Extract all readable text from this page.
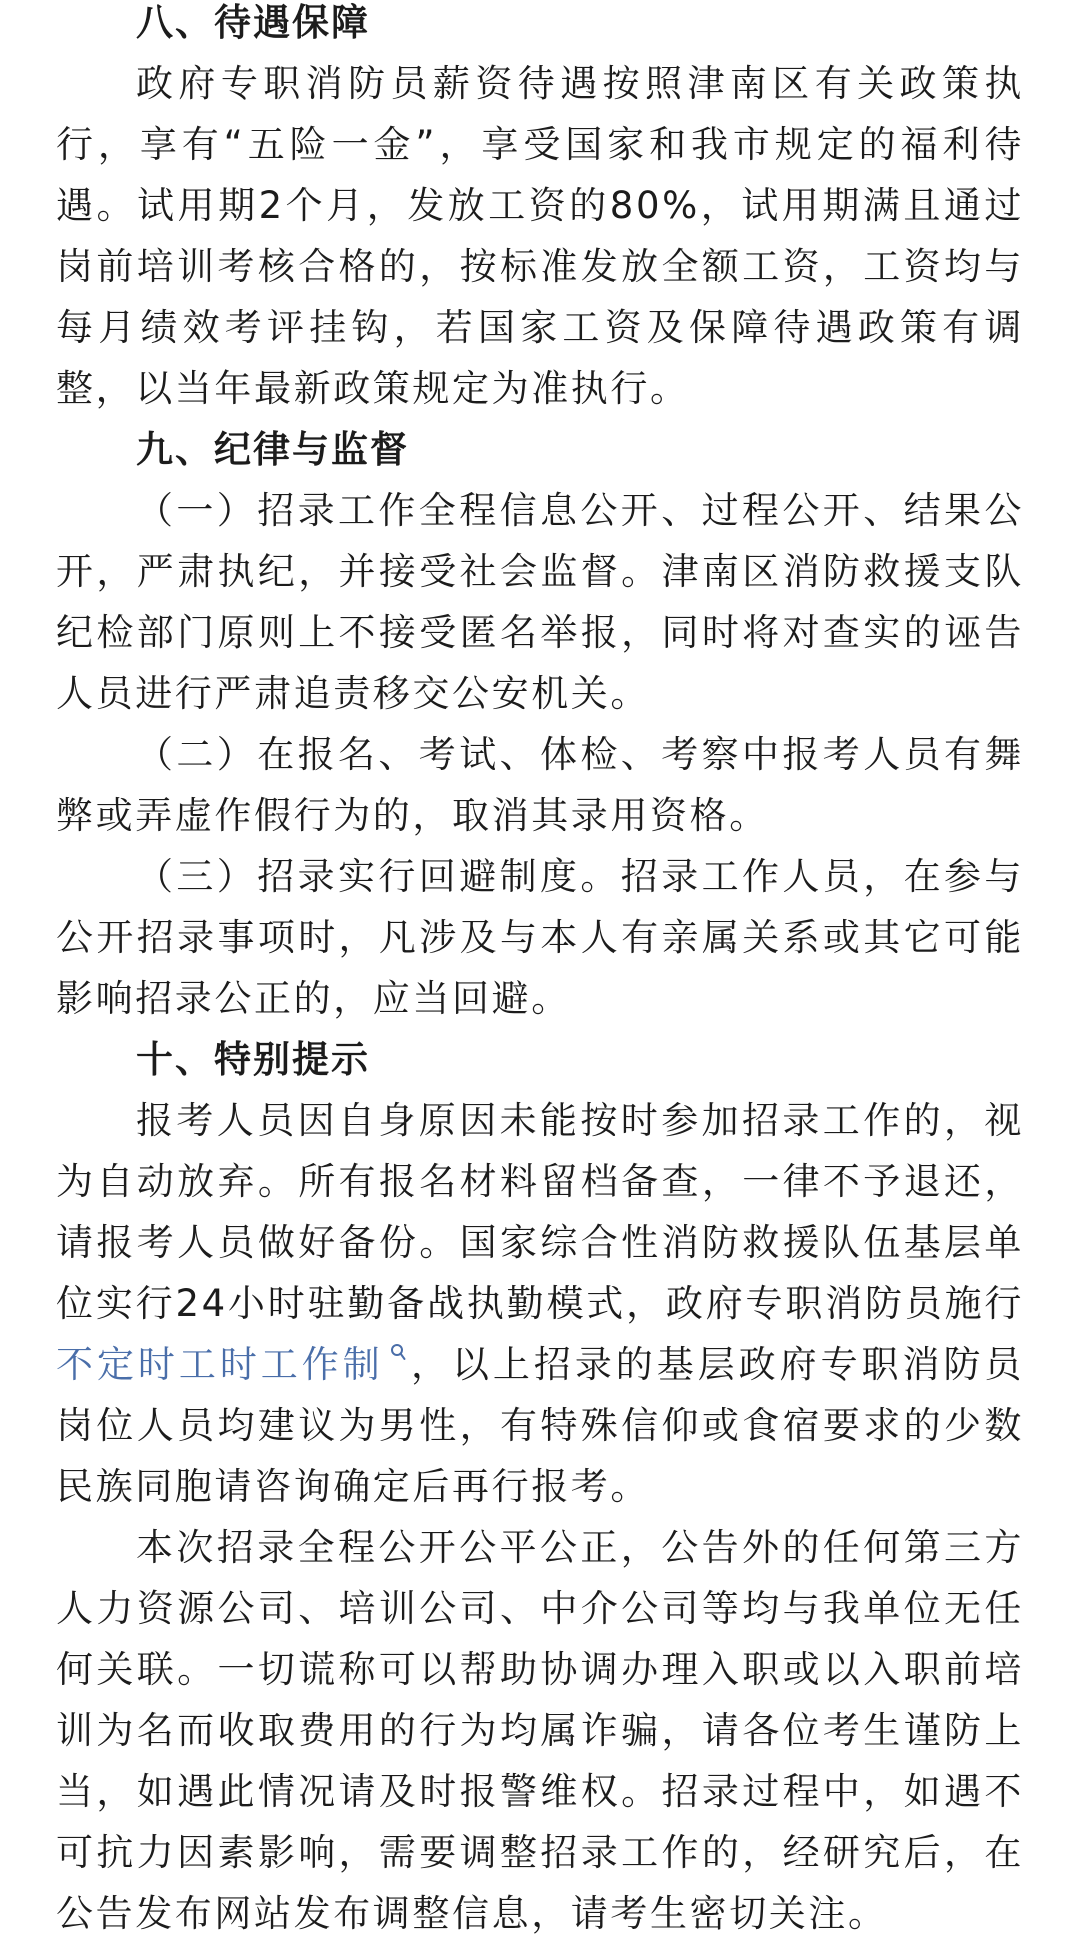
八、待遇保障

政府专职消防员薪资待遇按照津南区有关政策执行，享有“五险一金”，享受国家和我市规定的福利待遇。试用期2个月，发放工资的80%，试用期满且通过岗前培训考核合格的，按标准发放全额工资，工资均与每月绩效考评挂钩，若国家工资及保障待遇政策有调整，以当年最新政策规定为准执行。

九、纪律与监督

（一）招录工作全程信息公开、过程公开、结果公开，严肃执纪，并接受社会监督。津南区消防救援支队纪检部门原则上不接受匿名举报，同时将对查实的诬告人员进行严肃追责移交公安机关。

（二）在报名、考试、体检、考察中报考人员有舞弊或弄虚作假行为的，取消其录用资格。

（三）招录实行回避制度。招录工作人员，在参与公开招录事项时，凡涉及与本人有亲属关系或其它可能影响招录公正的，应当回避。

十、特别提示

报考人员因自身原因未能按时参加招录工作的，视为自动放弃。所有报名材料留档备查，一律不予退还，请报考人员做好备份。国家综合性消防救援队伍基层单位实行24小时驻勤备战执勤模式，政府专职消防员施行不定时工时工作制 ，以上招录的基层政府专职消防员岗位人员均建议为男性，有特殊信仰或食宿要求的少数民族同胞请咨询确定后再行报考。

本次招录全程公开公平公正，公告外的任何第三方人力资源公司、培训公司、中介公司等均与我单位无任何关联。一切谎称可以帮助协调办理入职或以入职前培训为名而收取费用的行为均属诈骗，请各位考生谨防上当，如遇此情况请及时报警维权。招录过程中，如遇不可抗力因素影响，需要调整招录工作的，经研究后，在公告发布网站发布调整信息，请考生密切关注。
